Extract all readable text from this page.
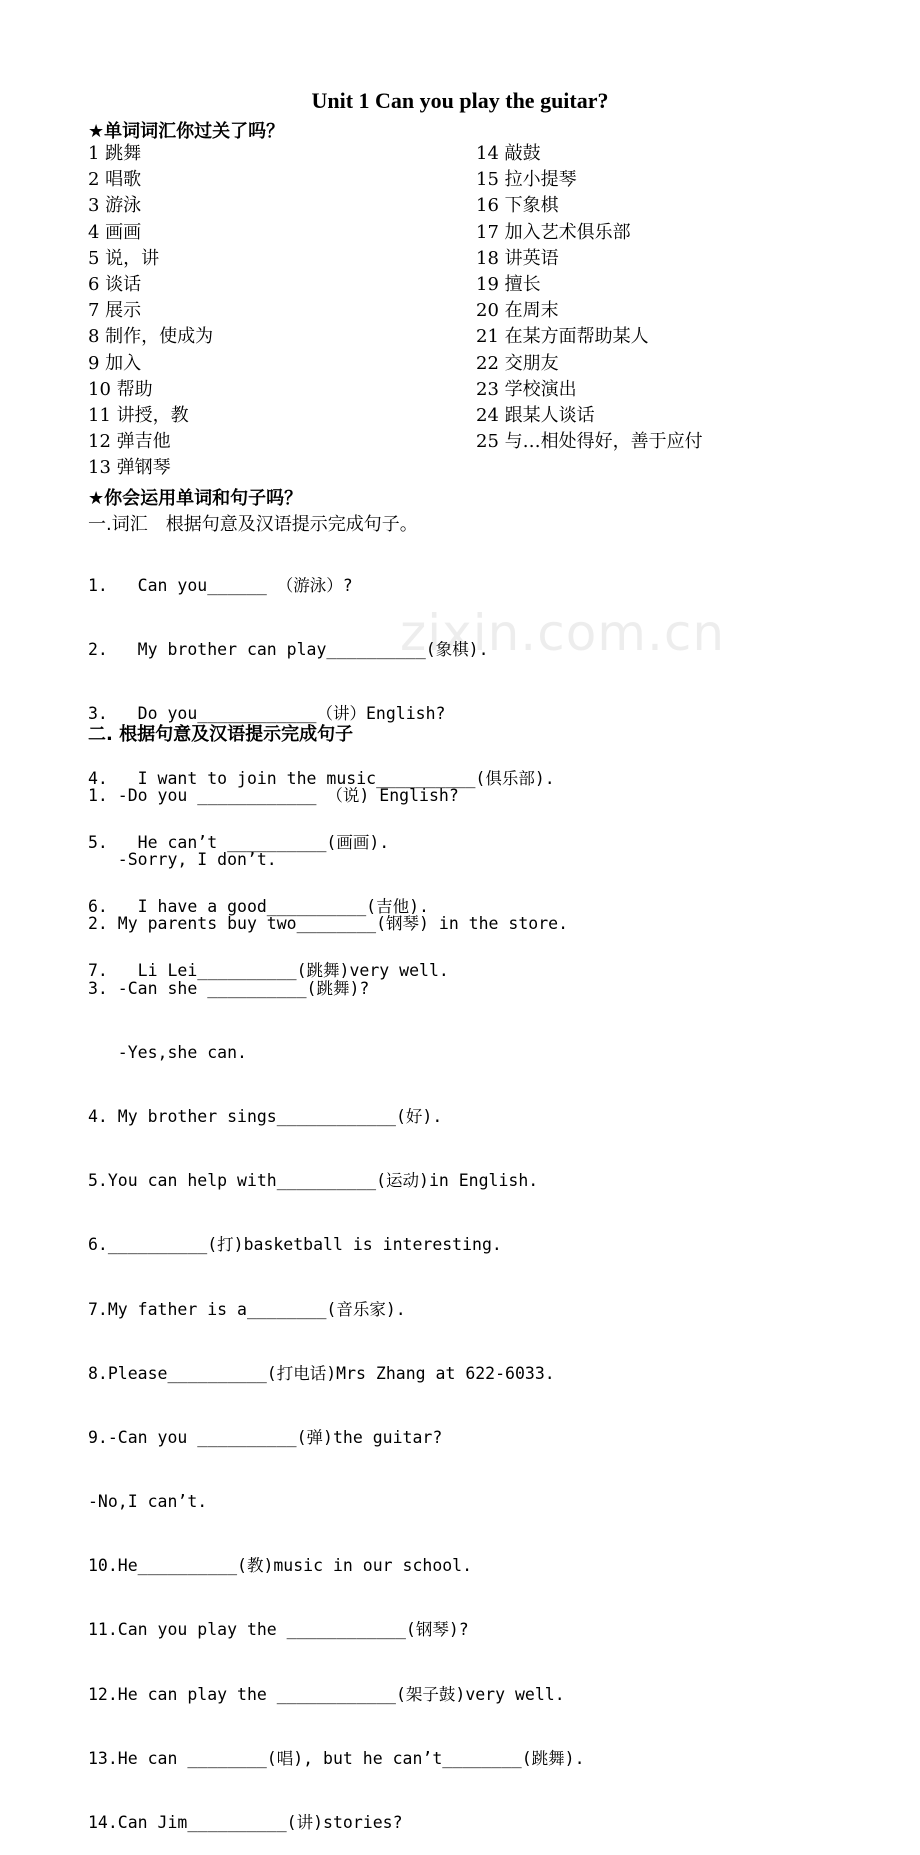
Unit 1 Can you play the guitar?
★单词词汇你过关了吗？
1 跳舞
2 唱歌
3 游泳
4 画画
5 说，讲
6 谈话
7 展示
8 制作，使成为
9 加入
10 帮助
11 讲授，教
12 弹吉他
13 弹钢琴
14 敲鼓
15 拉小提琴
16 下象棋
17 加入艺术俱乐部
18 讲英语
19 擅长
20 在周末
21 在某方面帮助某人
22 交朋友
23 学校演出
24 跟某人谈话
25 与…相处得好，善于应付
★你会运用单词和句子吗？
一.词汇　根据句意及汉语提示完成句子。

1.   Can you______ （游泳）?

2.   My brother can play__________(象棋).

3.   Do you____________（讲）English?

4.   I want to join the music__________(俱乐部).

5.   He can’t __________(画画).

6.   I have a good__________(吉他).

7.   Li Lei__________(跳舞)very well.

二. 根据句意及汉语提示完成句子

1. -Do you ____________ （说) English?

-Sorry, I don’t.

2. My parents buy two________(钢琴) in the store.

3. -Can she __________(跳舞)?

-Yes,she can.

4. My brother sings____________(好).

5.You can help with__________(运动)in English.

6.__________(打)basketball is interesting.

7.My father is a________(音乐家).

8.Please__________(打电话)Mrs Zhang at 622-6033.

9.-Can you __________(弹)the guitar?

-No,I can’t.

10.He__________(教)music in our school.

11.Can you play the ____________(钢琴)?

12.He can play the ____________(架子鼓)very well.

13.He can ________(唱), but he can’t________(跳舞).

14.Can Jim__________(讲)stories?

zixin.com.cn
